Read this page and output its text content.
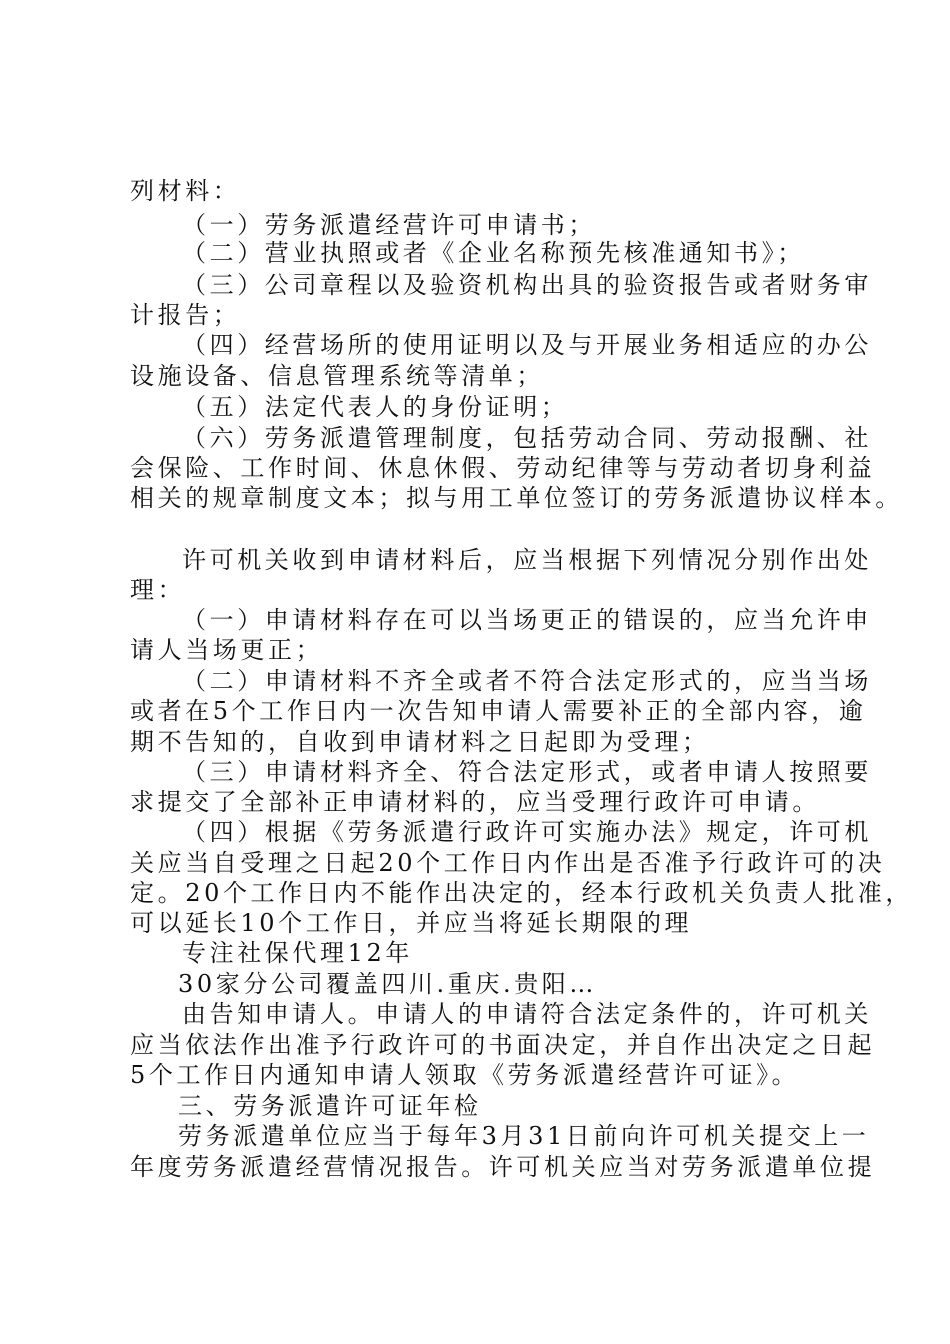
列材料：
（一）劳务派遣经营许可申请书；
（二）营业执照或者《企业名称预先核准通知书》；
（三）公司章程以及验资机构出具的验资报告或者财务审
计报告；
（四）经营场所的使用证明以及与开展业务相适应的办公
设施设备、信息管理系统等清单；
（五）法定代表人的身份证明；
（六）劳务派遣管理制度，包括劳动合同、劳动报酬、社
会保险、工作时间、休息休假、劳动纪律等与劳动者切身利益
相关的规章制度文本；拟与用工单位签订的劳务派遣协议样本。
许可机关收到申请材料后，应当根据下列情况分别作出处
理：
（一）申请材料存在可以当场更正的错误的，应当允许申
请人当场更正；
（二）申请材料不齐全或者不符合法定形式的，应当当场
或者在5个工作日内一次告知申请人需要补正的全部内容，逾
期不告知的，自收到申请材料之日起即为受理；
（三）申请材料齐全、符合法定形式，或者申请人按照要
求提交了全部补正申请材料的，应当受理行政许可申请。
（四）根据《劳务派遣行政许可实施办法》规定，许可机
关应当自受理之日起20个工作日内作出是否准予行政许可的决
定。20个工作日内不能作出决定的，经本行政机关负责人批准，
可以延长10个工作日，并应当将延长期限的理
专注社保代理12年
30家分公司覆盖四川.重庆.贵阳…
由告知申请人。申请人的申请符合法定条件的，许可机关
应当依法作出准予行政许可的书面决定，并自作出决定之日起
5个工作日内通知申请人领取《劳务派遣经营许可证》。
三、劳务派遣许可证年检
劳务派遣单位应当于每年3月31日前向许可机关提交上一
年度劳务派遣经营情况报告。许可机关应当对劳务派遣单位提
